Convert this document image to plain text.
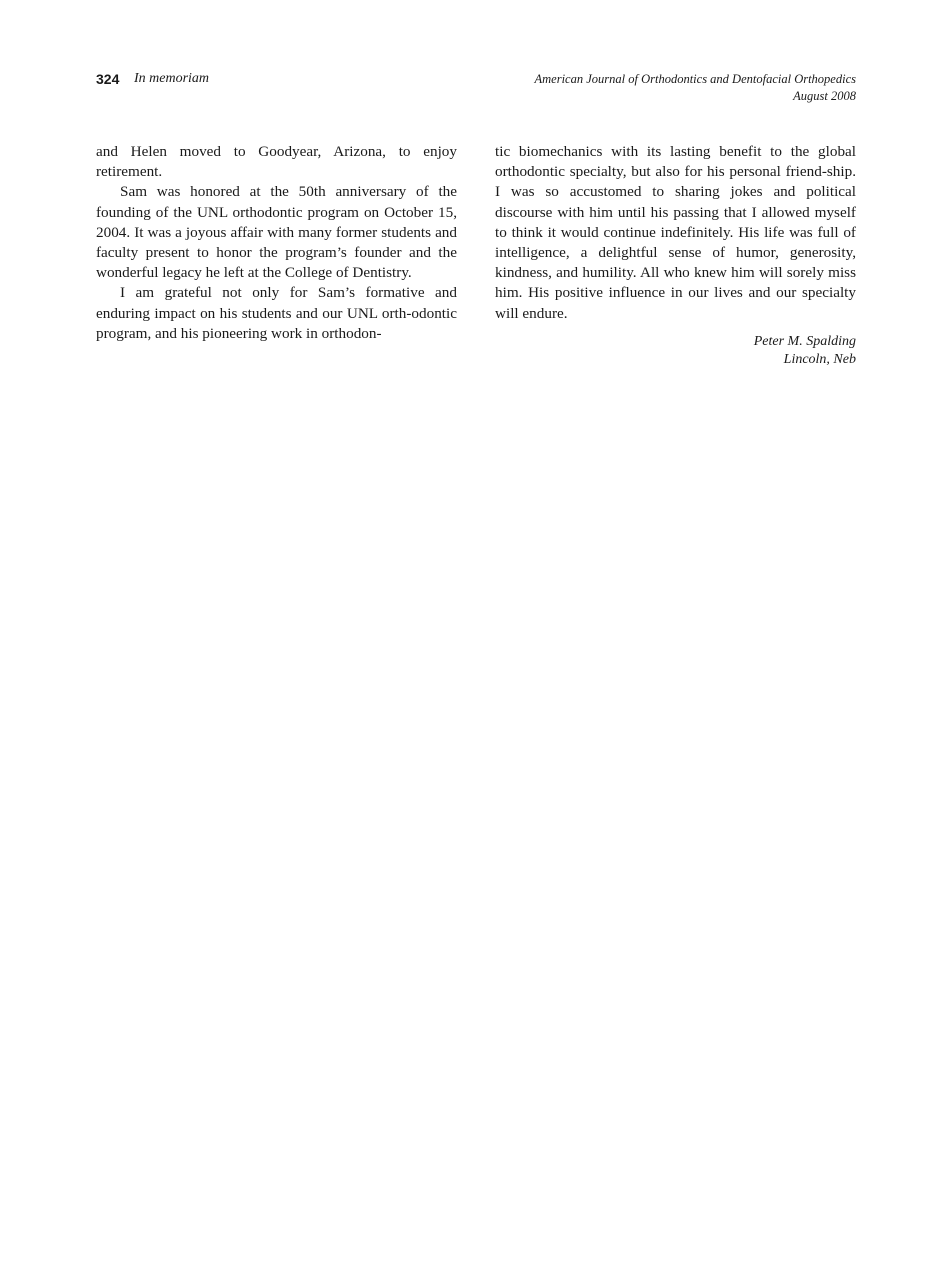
324 In memoriam	American Journal of Orthodontics and Dentofacial Orthopedics
August 2008

and Helen moved to Goodyear, Arizona, to enjoy retirement.

Sam was honored at the 50th anniversary of the founding of the UNL orthodontic program on October 15, 2004. It was a joyous affair with many former students and faculty present to honor the program’s founder and the wonderful legacy he left at the College of Dentistry.

I am grateful not only for Sam’s formative and enduring impact on his students and our UNL orth-odontic program, and his pioneering work in orthodon-

tic biomechanics with its lasting benefit to the global orthodontic specialty, but also for his personal friend-ship. I was so accustomed to sharing jokes and political discourse with him until his passing that I allowed myself to think it would continue indefinitely. His life was full of intelligence, a delightful sense of humor, generosity, kindness, and humility. All who knew him will sorely miss him. His positive influence in our lives and our specialty will endure.

Peter M. Spalding
Lincoln, Neb
